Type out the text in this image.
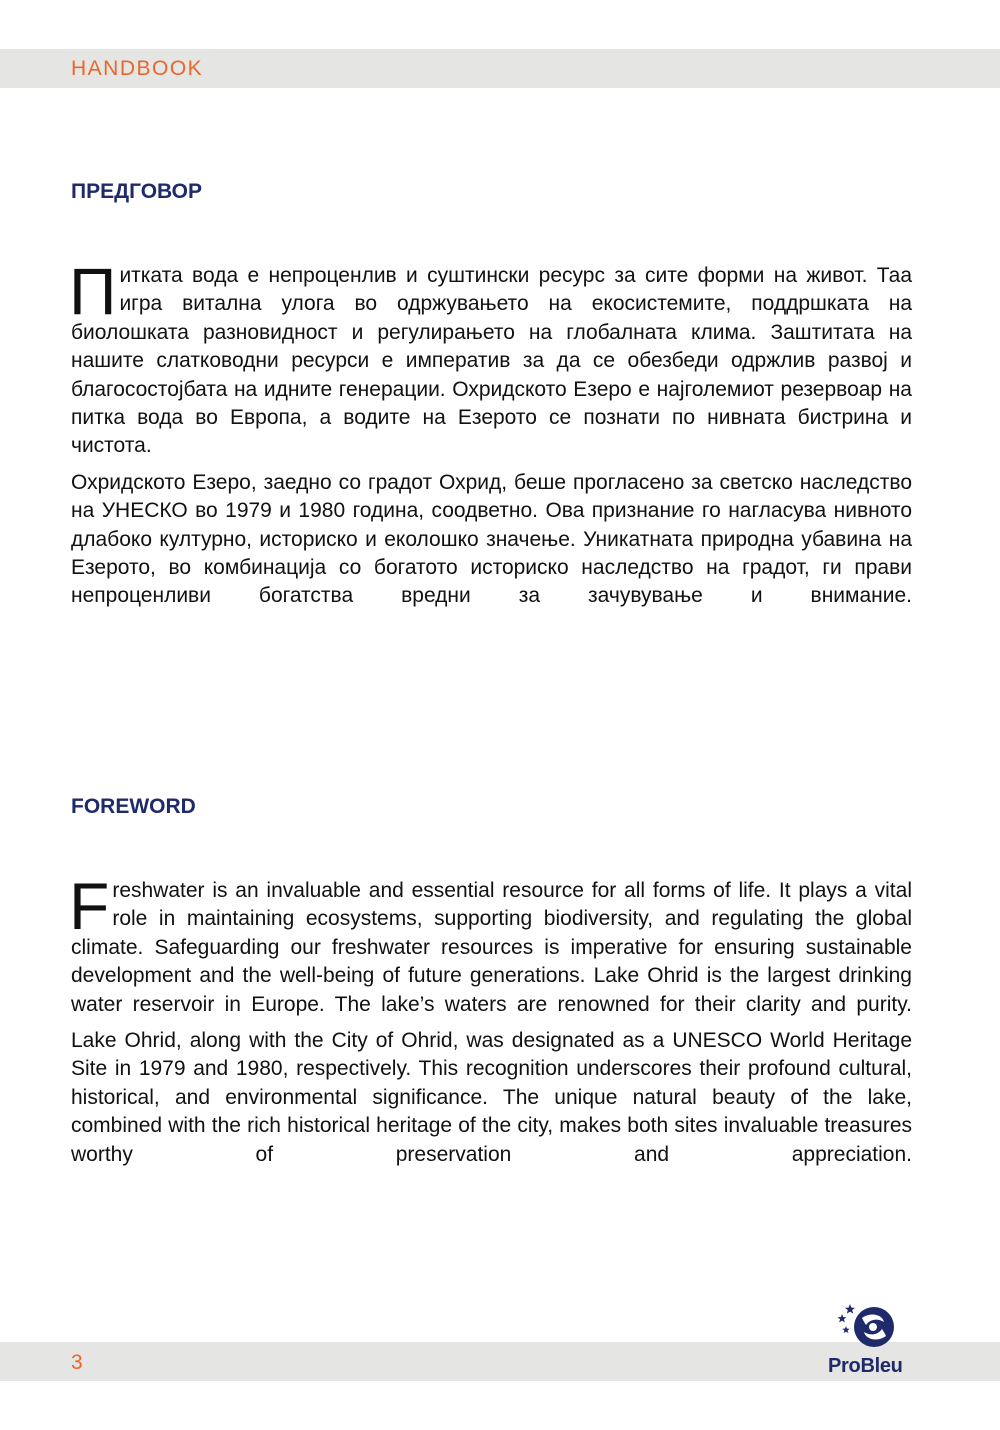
HANDBOOK
ПРЕДГОВОР

Питката вода е непроценлив и суштински ресурс за сите форми на живот. Таа игра витална улога во одржувањето на екосистемите, поддршката на биолошката разновидност и регулирањето на глобалната клима. Заштитата на нашите слатководни ресурси е императив за да се обезбеди одржлив развој и благосостојбата на идните генерации. Охридското Езеро е најголемиот резервоар на питка вода во Европа, а водите на Езерото се познати по нивната бистрина и чистота.

Охридското Езеро, заедно со градот Охрид, беше прогласено за светско наследство на УНЕСКО во 1979 и 1980 година, соодветно. Ова признание го нагласува нивното длабоко културно, историско и еколошко значење. Уникатната природна убавина на Езерото, во комбинација со богатото историско наследство на градот, ги прави непроценливи богатства вредни за зачувување и внимание.

FOREWORD

Freshwater is an invaluable and essential resource for all forms of life. It plays a vital role in maintaining ecosystems, supporting biodiversity, and regulating the global climate. Safeguarding our freshwater resources is imperative for ensuring sustainable development and the well-being of future generations. Lake Ohrid is the largest drinking water reservoir in Europe. The lake’s waters are renowned for their clarity and purity.

Lake Ohrid, along with the City of Ohrid, was designated as a UNESCO World Heritage Site in 1979 and 1980, respectively. This recognition underscores their profound cultural, historical, and environmental significance. The unique natural beauty of the lake, combined with the rich historical heritage of the city, makes both sites invaluable treasures worthy of preservation and appreciation.

3	ProBleu
